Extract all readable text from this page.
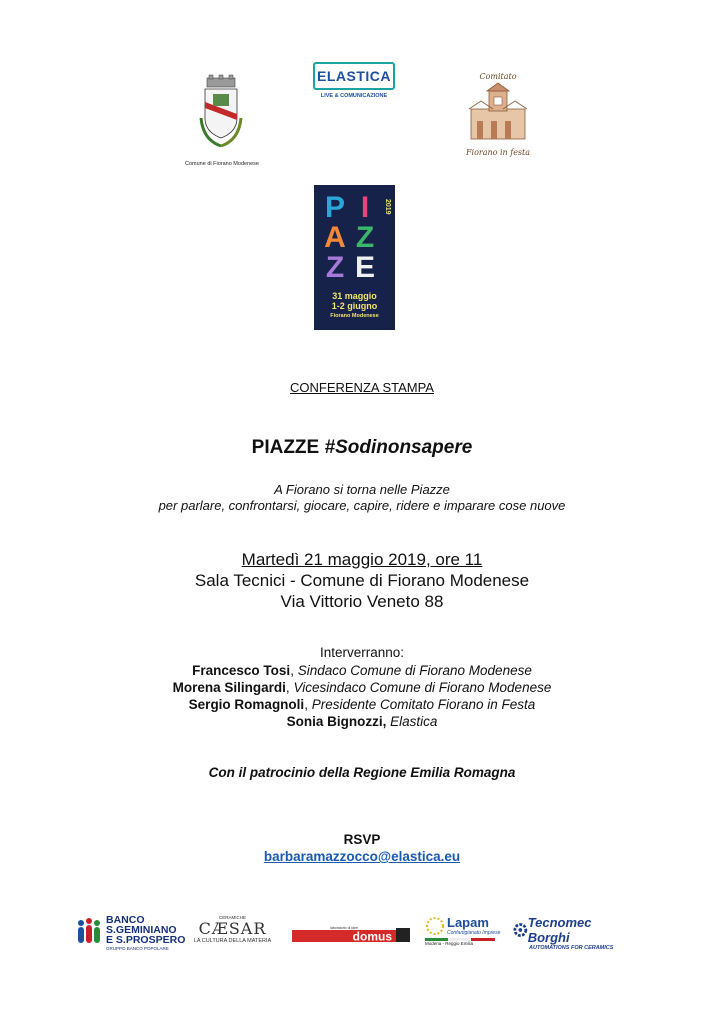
Comune di Fiorano Modenese
ELASTICA
LIVE & COMUNICAZIONE
Comitato
Fiorano in festa
2019
P I A Z Z E
31 maggio
1-2 giugno
Fiorano Modenese
CONFERENZA STAMPA
PIAZZE #Sodinonsapere
A Fiorano si torna nelle Piazze
per parlare, confrontarsi, giocare, capire, ridere e imparare cose nuove
Martedì 21 maggio 2019, ore 11
Sala Tecnici - Comune di Fiorano Modenese
Via Vittorio Veneto 88
Interverranno:
Francesco Tosi, Sindaco Comune di Fiorano Modenese
Morena Silingardi, Vicesindaco Comune di Fiorano Modenese
Sergio Romagnoli, Presidente Comitato Fiorano in Festa
Sonia Bignozzi, Elastica
Con il patrocinio della Regione Emilia Romagna
RSVP
barbaramazzocco@elastica.eu
BANCO
S.GEMINIANO
E S.PROSPERO
GRUPPO BANCO POPOLARE
CERAMICHE
CÆSAR
LA CULTURA DELLA MATERIA
laboratorio di idee
domus
Lapam
Confartigianato Imprese
Modena - Reggio Emilia
Tecnomec Borghi
AUTOMATIONS FOR CERAMICS
